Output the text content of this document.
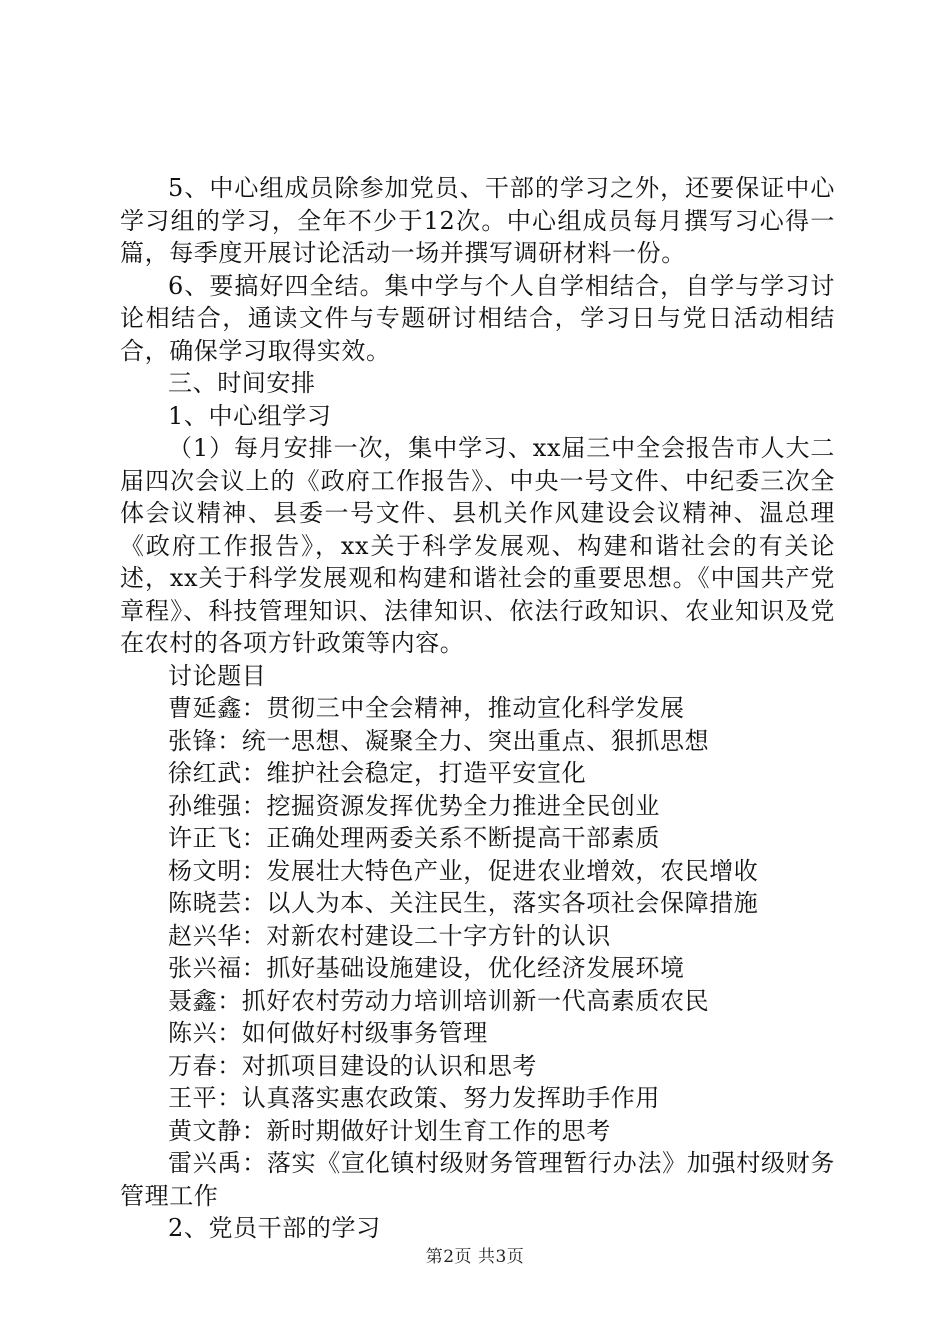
5、中心组成员除参加党员、干部的学习之外，还要保证中心学习组的学习，全年不少于12次。中心组成员每月撰写习心得一篇，每季度开展讨论活动一场并撰写调研材料一份。

6、要搞好四全结。集中学与个人自学相结合，自学与学习讨论相结合，通读文件与专题研讨相结合，学习日与党日活动相结合，确保学习取得实效。

三、时间安排

1、中心组学习

（1）每月安排一次，集中学习、xx届三中全会报告市人大二届四次会议上的《政府工作报告》、中央一号文件、中纪委三次全体会议精神、县委一号文件、县机关作风建设会议精神、温总理《政府工作报告》，xx关于科学发展观、构建和谐社会的有关论述，xx关于科学发展观和构建和谐社会的重要思想。《中国共产党章程》、科技管理知识、法律知识、依法行政知识、农业知识及党在农村的各项方针政策等内容。

讨论题目

曹延鑫：贯彻三中全会精神，推动宣化科学发展

张锋：统一思想、凝聚全力、突出重点、狠抓思想

徐红武：维护社会稳定，打造平安宣化

孙维强：挖掘资源发挥优势全力推进全民创业

许正飞：正确处理两委关系不断提高干部素质

杨文明：发展壮大特色产业，促进农业增效，农民增收

陈晓芸：以人为本、关注民生，落实各项社会保障措施

赵兴华：对新农村建设二十字方针的认识

张兴福：抓好基础设施建设，优化经济发展环境

聂鑫：抓好农村劳动力培训培训新一代高素质农民

陈兴：如何做好村级事务管理

万春：对抓项目建设的认识和思考

王平：认真落实惠农政策、努力发挥助手作用

黄文静：新时期做好计划生育工作的思考

雷兴禹：落实《宣化镇村级财务管理暂行办法》加强村级财务管理工作

2、党员干部的学习

第2页 共3页
